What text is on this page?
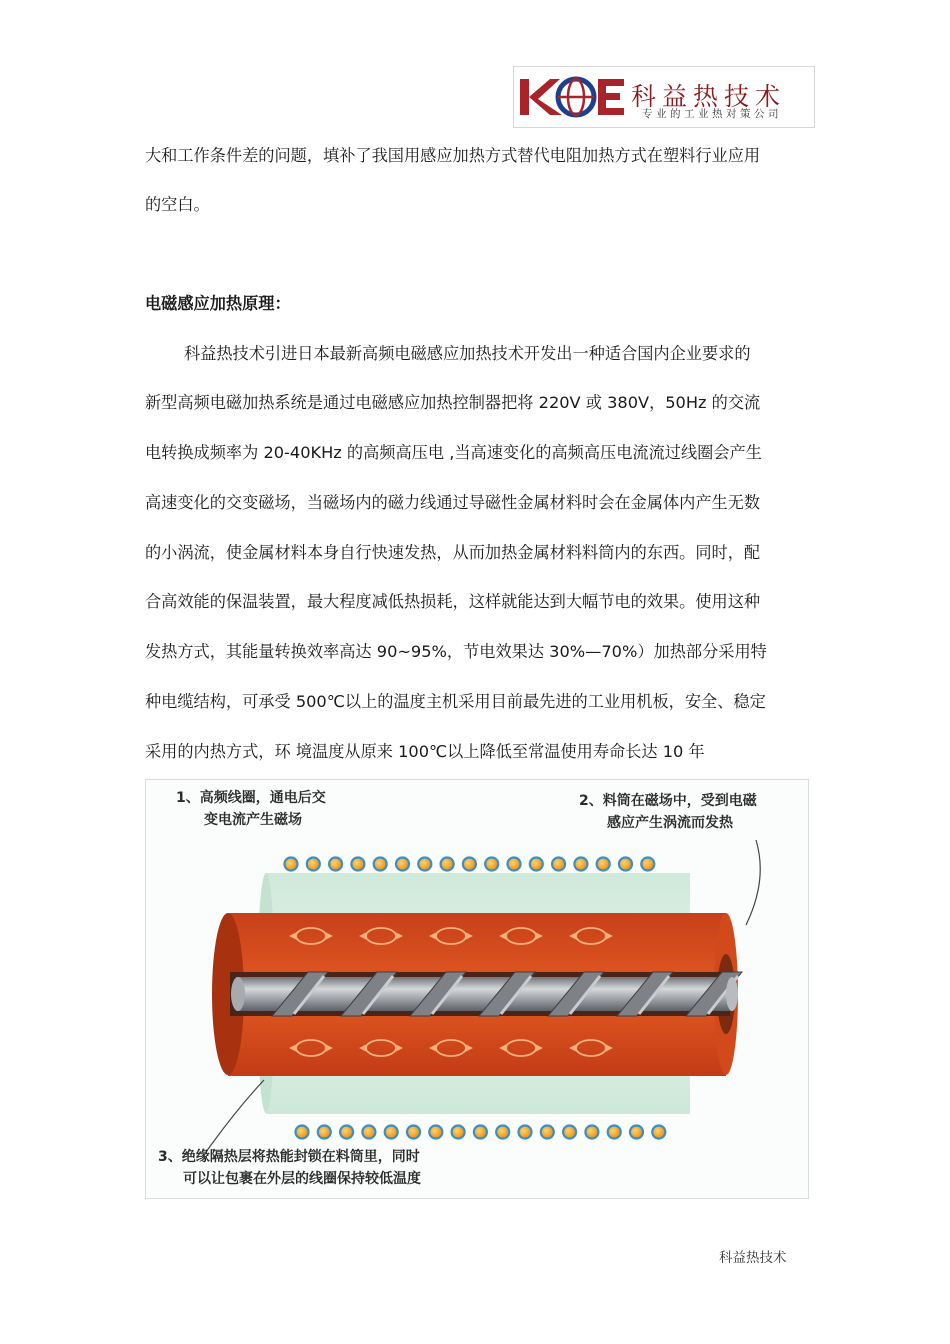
科益热技术
专业的工业热对策公司
大和工作条件差的问题，填补了我国用感应加热方式替代电阻加热方式在塑料行业应用
的空白。
电磁感应加热原理：
科益热技术引进日本最新高频电磁感应加热技术开发出一种适合国内企业要求的
新型高频电磁加热系统是通过电磁感应加热控制器把将 220V 或 380V，50Hz 的交流
电转换成频率为 20-40KHz 的高频高压电 ,当高速变化的高频高压电流流过线圈会产生
高速变化的交变磁场，当磁场内的磁力线通过导磁性金属材料时会在金属体内产生无数
的小涡流，使金属材料本身自行快速发热，从而加热金属材料料筒内的东西。同时，配
合高效能的保温装置，最大程度减低热损耗，这样就能达到大幅节电的效果。使用这种
发热方式，其能量转换效率高达 90~95%，节电效果达 30%—70%）加热部分采用特
种电缆结构，可承受 500℃以上的温度主机采用目前最先进的工业用机板，安全、稳定
采用的内热方式，环 境温度从原来 100℃以上降低至常温使用寿命长达 10 年
1、高频线圈，通电后交
变电流产生磁场
2、料筒在磁场中，受到电磁
感应产生涡流而发热
3、绝缘隔热层将热能封锁在料筒里，同时
可以让包裹在外层的线圈保持较低温度
科益热技术
